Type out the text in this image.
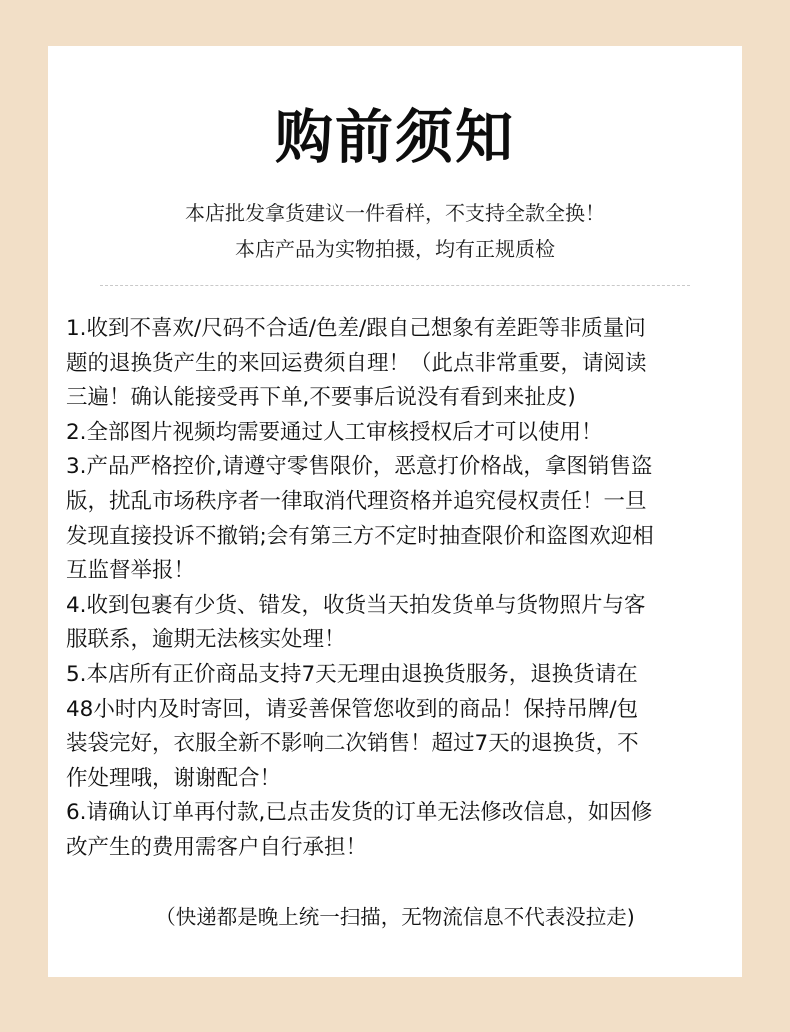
购前须知
本店批发拿货建议一件看样，不支持全款全换！
本店产品为实物拍摄，均有正规质检

1.收到不喜欢/尺码不合适/色差/跟自己想象有差距等非质量问

题的退换货产生的来回运费须自理！（此点非常重要，请阅读

三遍！确认能接受再下单,不要事后说没有看到来扯皮)

2.全部图片视频均需要通过人工审核授权后才可以使用！

3.产品严格控价,请遵守零售限价，恶意打价格战，拿图销售盗

版，扰乱市场秩序者一律取消代理资格并追究侵权责任！一旦

发现直接投诉不撤销;会有第三方不定时抽查限价和盗图欢迎相

互监督举报！

4.收到包裹有少货、错发，收货当天拍发货单与货物照片与客

服联系，逾期无法核实处理！

5.本店所有正价商品支持7天无理由退换货服务，退换货请在

48小时内及时寄回，请妥善保管您收到的商品！保持吊牌/包

装袋完好，衣服全新不影响二次销售！超过7天的退换货，不

作处理哦，谢谢配合！

6.请确认订单再付款,已点击发货的订单无法修改信息，如因修

改产生的费用需客户自行承担！

（快递都是晚上统一扫描，无物流信息不代表没拉走)
